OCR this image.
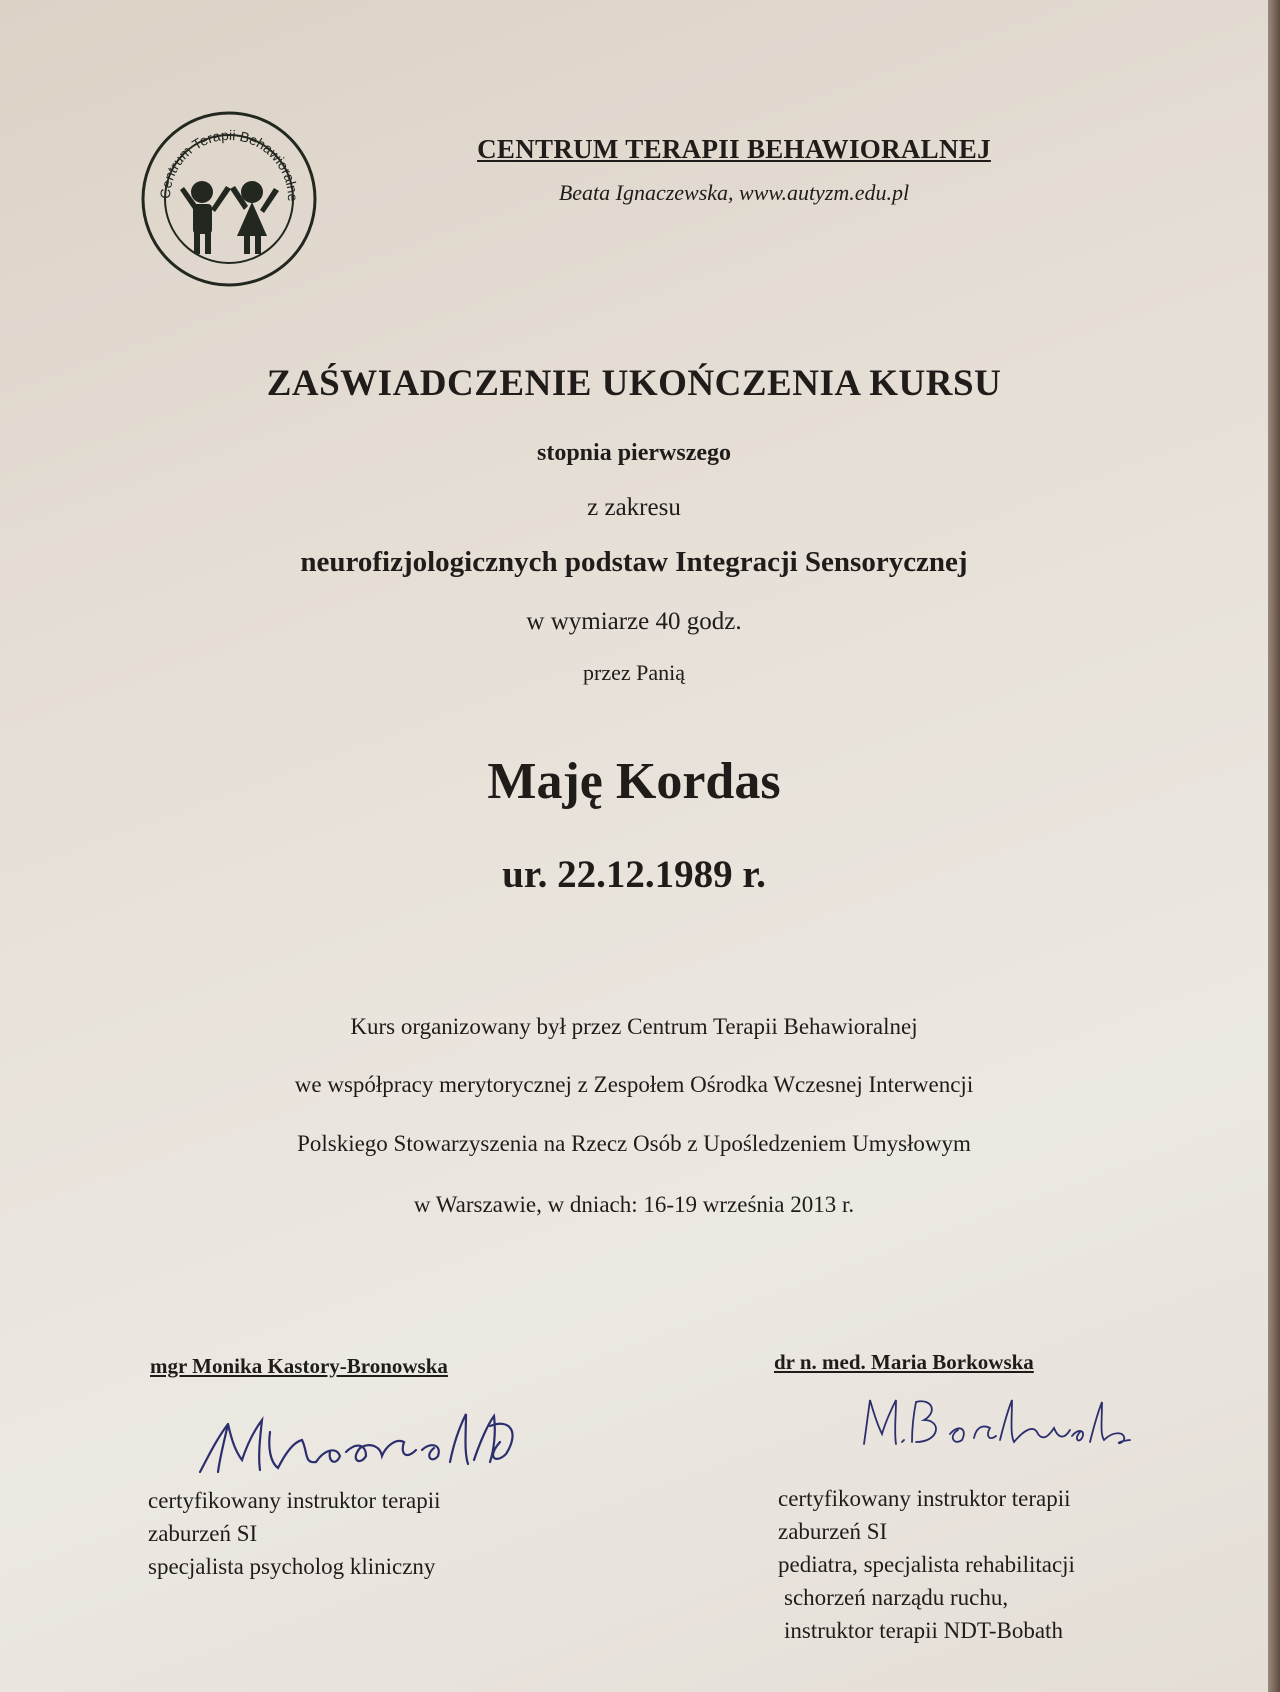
Centrum Terapii Behawioralne
CENTRUM TERAPII BEHAWIORALNEJ
Beata Ignaczewska, www.autyzm.edu.pl
ZAŚWIADCZENIE UKOŃCZENIA KURSU
stopnia pierwszego
z zakresu
neurofizjologicznych podstaw Integracji Sensorycznej
w wymiarze 40 godz.
przez Panią
Maję Kordas
ur. 22.12.1989 r.
Kurs organizowany był przez Centrum Terapii Behawioralnej
we współpracy merytorycznej z Zespołem Ośrodka Wczesnej Interwencji
Polskiego Stowarzyszenia na Rzecz Osób z Upośledzeniem Umysłowym
w Warszawie, w dniach: 16-19 września 2013 r.
mgr Monika Kastory-Bronowska
certyfikowany instruktor terapii
zaburzeń SI
specjalista psycholog kliniczny
dr n. med. Maria Borkowska
certyfikowany instruktor terapii
zaburzeń SI
pediatra, specjalista rehabilitacji
schorzeń narządu ruchu,
instruktor terapii NDT-Bobath
